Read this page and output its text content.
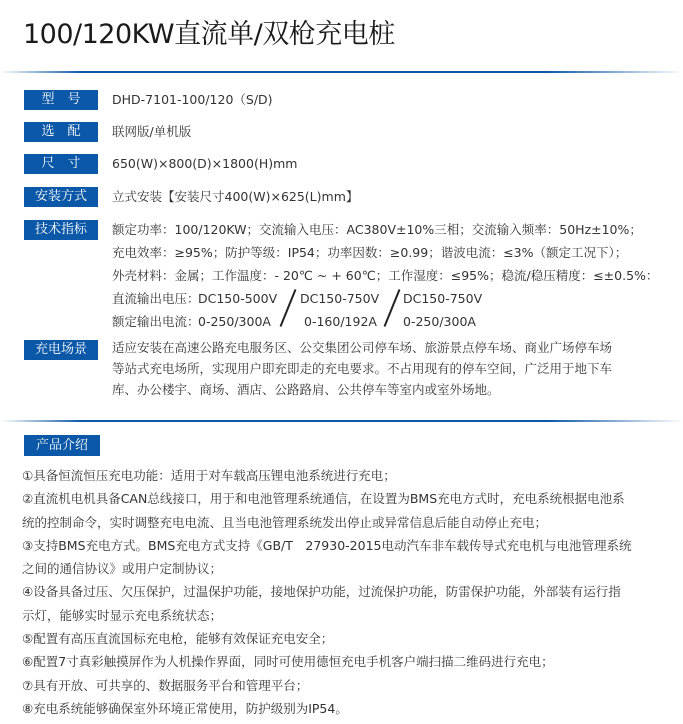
100/120KW直流单/双枪充电桩
型　号	DHD-7101-100/120（S/D)
选　配	联网版/单机版
尺　寸	650(W)×800(D)×1800(H)mm
安装方式	立式安装【安装尺寸400(W)×625(L)mm】
技术指标	额定功率：100/120KW；交流输入电压：AC380V±10%三相；交流输入频率：50Hz±10%；
充电效率：≥95%；防护等级：IP54；功率因数：≥0.99；谐波电流：≤3%（额定工况下）；
外壳材料：金属；工作温度：- 20℃ ~ + 60℃；工作湿度：≤95%；稳流/稳压精度：≤±0.5%：
直流输出电压：
DC150-500V DC150-750V DC150-750V
额定输出电流：
0-250/300A	0-160/192A 0-250/300A
充电场景	适应安装在高速公路充电服务区、公交集团公司停车场、旅游景点停车场、商业广场停车场
等站式充电场所，实现用户即充即走的充电要求。不占用现有的停车空间，广泛用于地下车
库、办公楼宇、商场、酒店、公路路肩、公共停车等室内或室外场地。
产品介绍
①具备恒流恒压充电功能：适用于对车载高压锂电池系统进行充电；
②直流机电机具备CAN总线接口，用于和电池管理系统通信，在设置为BMS充电方式时，充电系统根据电池系
统的控制命令，实时调整充电电流、且当电池管理系统发出停止或异常信息后能自动停止充电；
③支持BMS充电方式。BMS充电方式支持《GB/T　27930-2015电动汽车非车载传导式充电机与电池管理系统
之间的通信协议》或用户定制协议；
④设备具备过压、欠压保护，过温保护功能，接地保护功能，过流保护功能，防雷保护功能，外部装有运行指
示灯，能够实时显示充电系统状态；
⑤配置有高压直流国标充电枪，能够有效保证充电安全；
⑥配置7寸真彩触摸屏作为人机操作界面，同时可使用德恒充电手机客户端扫描二维码进行充电；
⑦具有开放、可共享的、数据服务平台和管理平台；
⑧充电系统能够确保室外环境正常使用，防护级别为IP54。
